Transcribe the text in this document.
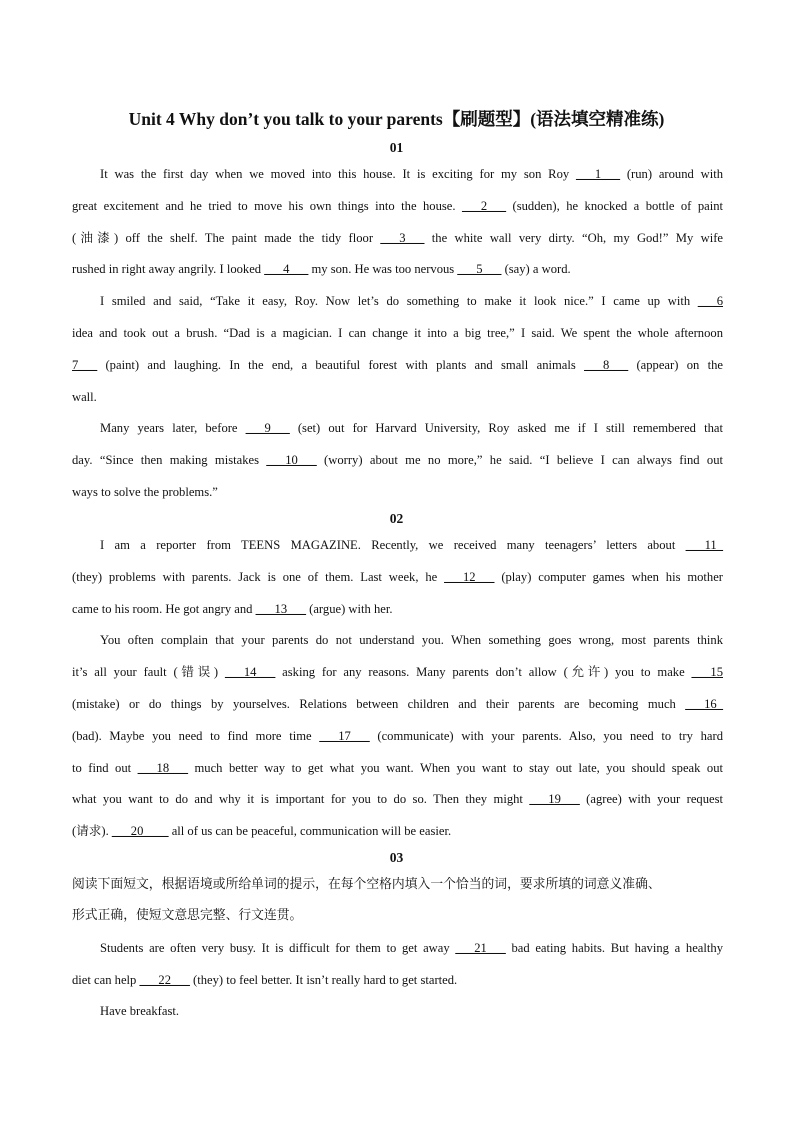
Unit 4 Why don’t you talk to your parents【刷题型】(语法填空精准练)
01
It was the first day when we moved into this house. It is exciting for my son Roy ___1___ (run) around with
great excitement and he tried to move his own things into the house. ___2___ (sudden), he knocked a bottle of paint
(油漆) off the shelf. The paint made the tidy floor ___3___ the white wall very dirty. “Oh, my God!” My wife
rushed in right away angrily. I looked ___4___ my son. He was too nervous ___5___ (say) a word.
I smiled and said, “Take it easy, Roy. Now let’s do something to make it look nice.” I came up with ___6
idea and took out a brush. “Dad is a magician. I can change it into a big tree,” I said. We spent the whole afternoon
7___ (paint) and laughing. In the end, a beautiful forest with plants and small animals ___8___ (appear) on the
wall.
Many years later, before ___9___ (set) out for Harvard University, Roy asked me if I still remembered that
day. “Since then making mistakes ___10___ (worry) about me no more,” he said. “I believe I can always find out
ways to solve the problems.”
02
I am a reporter from TEENS MAGAZINE. Recently, we received many teenagers’ letters about ___11_
(they) problems with parents. Jack is one of them. Last week, he ___12___ (play) computer games when his mother
came to his room. He got angry and ___13___ (argue) with her.
You often complain that your parents do not understand you. When something goes wrong, most parents think
it’s all your fault (错误) ___14___ asking for any reasons. Many parents don’t allow (允许) you to make ___15
(mistake) or do things by yourselves. Relations between children and their parents are becoming much ___16_
(bad). Maybe you need to find more time ___17___ (communicate) with your parents. Also, you need to try hard
to find out ___18___ much better way to get what you want. When you want to stay out late, you should speak out
what you want to do and why it is important for you to do so. Then they might ___19___ (agree) with your request
(请求). ___20____ all of us can be peaceful, communication will be easier.
03
阅读下面短文，根据语境或所给单词的提示，在每个空格内填入一个恰当的词，要求所填的词意义准确、
形式正确，使短文意思完整、行文连贯。
Students are often very busy. It is difficult for them to get away ___21___ bad eating habits. But having a healthy
diet can help ___22___ (they) to feel better. It isn’t really hard to get started.
Have breakfast.
